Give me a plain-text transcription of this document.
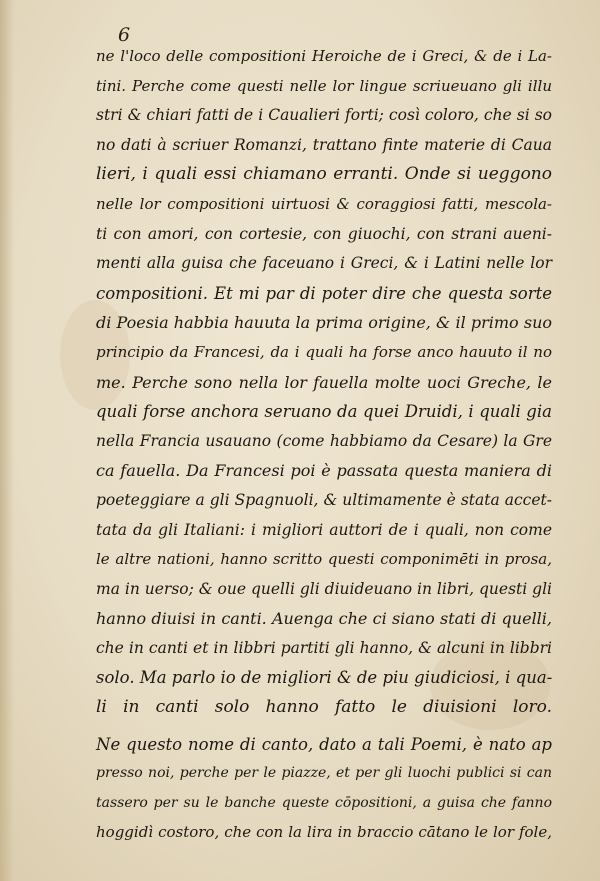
6

ne l'loco delle compositioni Heroiche de i Greci, & de i La-
tini. Perche come questi nelle lor lingue scriueuano gli illu
stri & chiari fatti de i Caualieri forti; così coloro, che si so
no dati à scriuer Romanzi, trattano finte materie di Caua
lieri, i quali essi chiamano erranti. Onde si ueggono
nelle lor compositioni uirtuosi & coraggiosi fatti, mescola-
ti con amori, con cortesie, con giuochi, con strani aueni-
menti alla guisa che faceuano i Greci, & i Latini nelle lor
compositioni. Et mi par di poter dire che questa sorte
di Poesia habbia hauuta la prima origine, & il primo suo
principio da Francesi, da i quali ha forse anco hauuto il no
me. Perche sono nella lor fauella molte uoci Greche, le
quali forse anchora seruano da quei Druidi, i quali gia
nella Francia usauano (come habbiamo da Cesare) la Gre
ca fauella. Da Francesi poi è passata questa maniera di
poeteggiare a gli Spagnuoli, & ultimamente è stata accet-
tata da gli Italiani: i migliori auttori de i quali, non come
le altre nationi, hanno scritto questi componimēti in prosa,
ma in uerso; & oue quelli gli diuideuano in libri, questi gli
hanno diuisi in canti. Auenga che ci siano stati di quelli,
che in canti et in libbri partiti gli hanno, & alcuni in libbri
solo. Ma parlo io de migliori & de piu giudiciosi, i qua-
li in canti solo hanno fatto le diuisioni loro.
Ne questo nome di canto, dato a tali Poemi, è nato ap
presso noi, perche per le piazze, et per gli luochi publici si can
tassero per su le banche queste cōpositioni, a guisa che fanno
hoggidì costoro, che con la lira in braccio cātano le lor fole,
